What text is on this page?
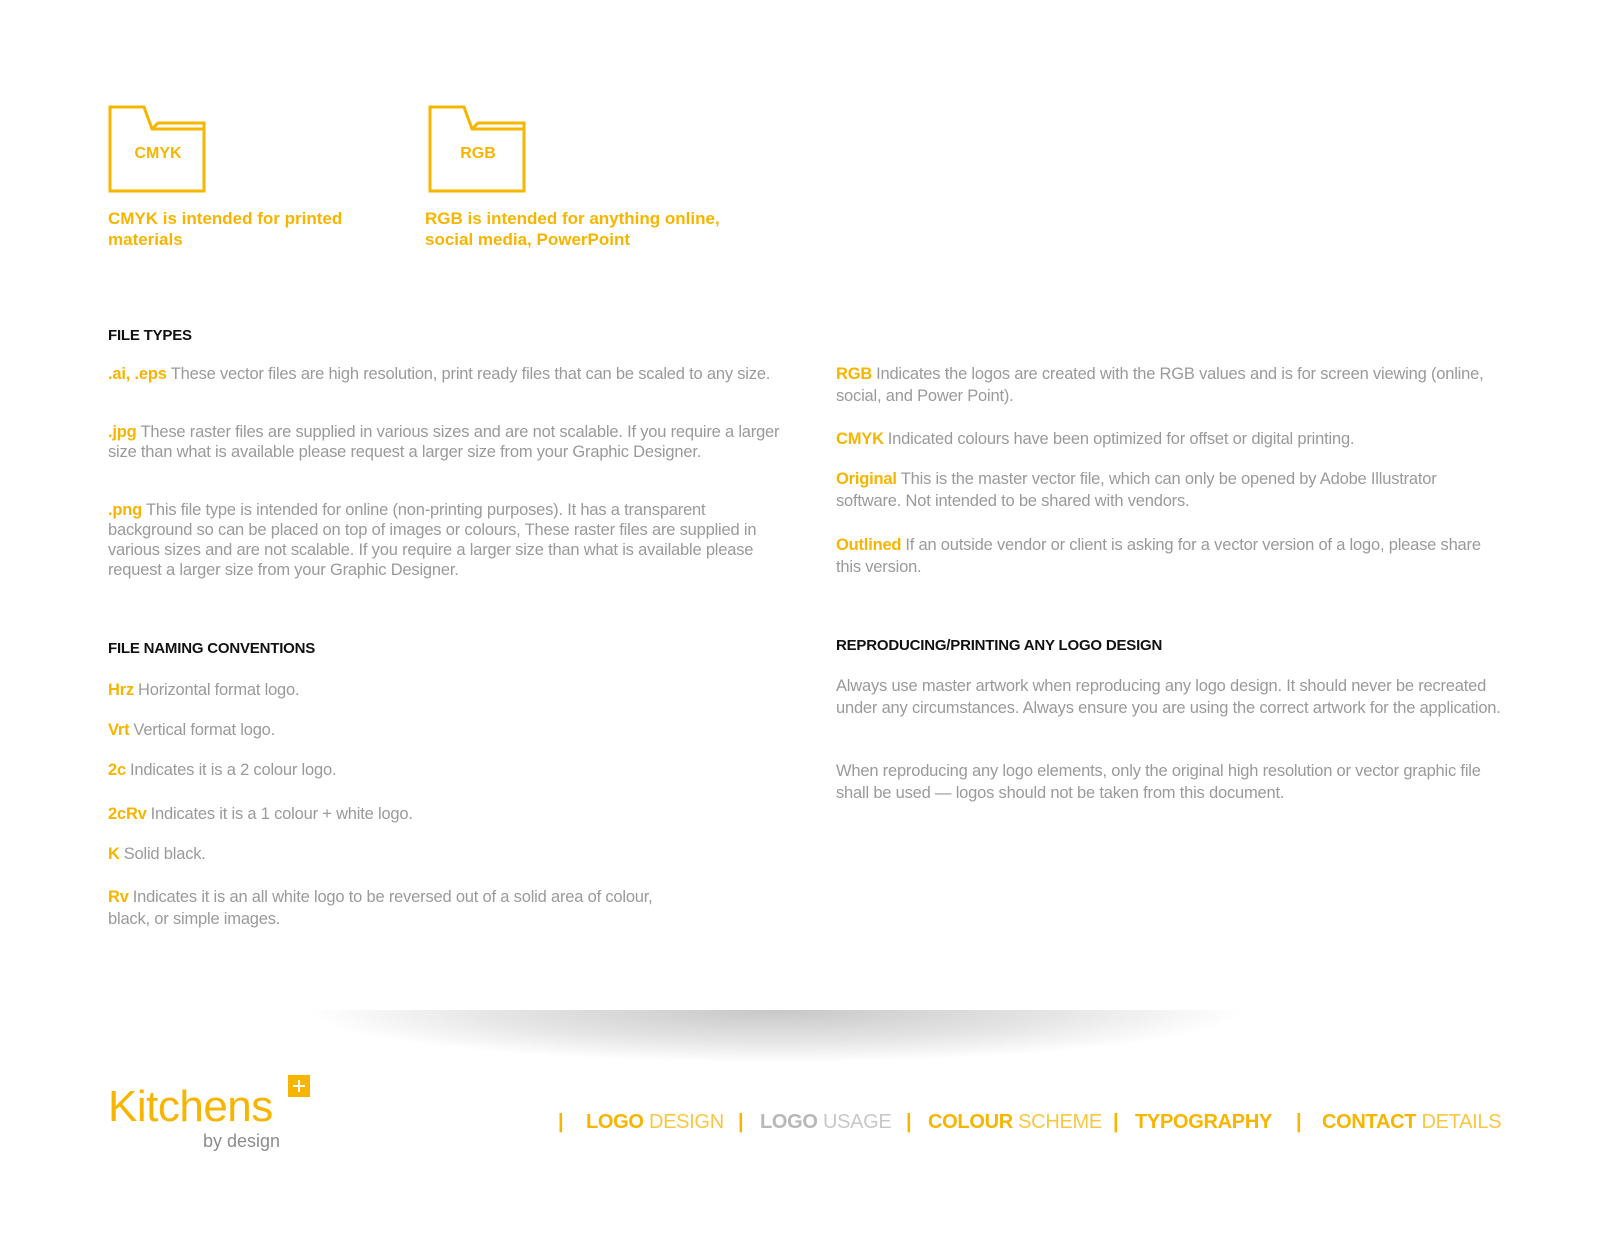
CMYK
CMYK is intended for printed materials
RGB
RGB is intended for anything online, social media, PowerPoint
FILE TYPES
.ai, .eps These vector files are high resolution, print ready files that can be scaled to any size.
.jpg These raster files are supplied in various sizes and are not scalable. If you require a larger size than what is available please request a larger size from your Graphic Designer.
.png This file type is intended for online (non-printing purposes). It has a transparent background so can be placed on top of images or colours, These raster files are supplied in various sizes and are not scalable. If you require a larger size than what is available please request a larger size from your Graphic Designer.
RGB Indicates the logos are created with the RGB values and is for screen viewing (online, social, and Power Point).
CMYK Indicated colours have been optimized for offset or digital printing.
Original This is the master vector file, which can only be opened by Adobe Illustrator software. Not intended to be shared with vendors.
Outlined If an outside vendor or client is asking for a vector version of a logo, please share this version.
FILE NAMING CONVENTIONS
Hrz Horizontal format logo.
Vrt Vertical format logo.
2c Indicates it is a 2 colour logo.
2cRv Indicates it is a 1 colour + white logo.
K Solid black.
Rv Indicates it is an all white logo to be reversed out of a solid area of colour, black, or simple images.
REPRODUCING/PRINTING ANY LOGO DESIGN
Always use master artwork when reproducing any logo design. It should never be recreated under any circumstances. Always ensure you are using the correct artwork for the application.
When reproducing any logo elements, only the original high resolution or vector graphic file shall be used — logos should not be taken from this document.
Kitchens
by design
| LOGO DESIGN | LOGO USAGE | COLOUR SCHEME | TYPOGRAPHY | CONTACT DETAILS
